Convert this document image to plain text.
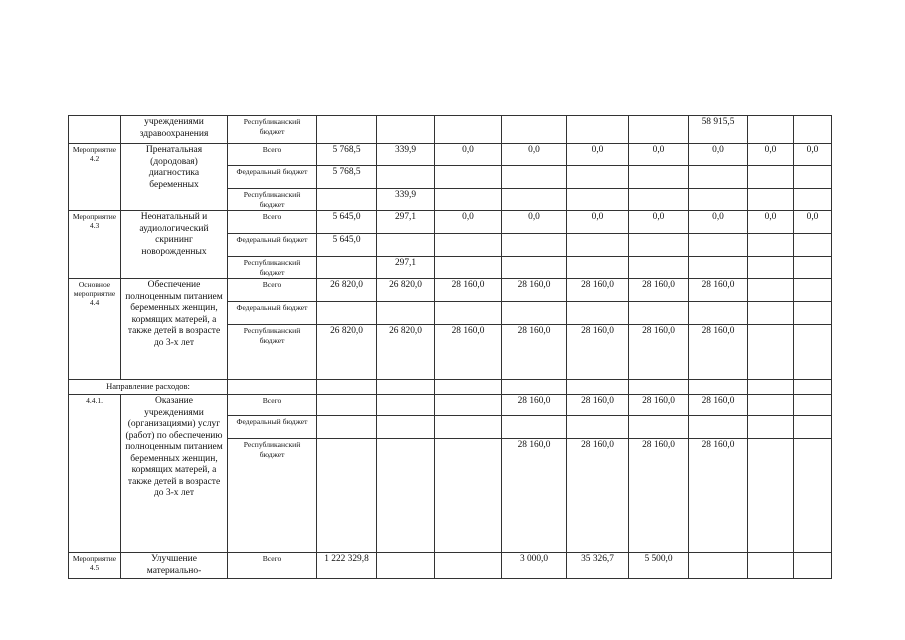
	учреждениями здравоохранения	Республиканский бюджет							58 915,5		
Мероприятие 4.2	Пренатальная (дородовая) диагностика беременных	Всего	5 768,5	339,9	0,0	0,0	0,0	0,0	0,0	0,0	0,0
		Федеральный бюджет	5 768,5								
		Республиканский бюджет		339,9							
Мероприятие 4.3	Неонатальный и аудиологический скрининг новорожденных	Всего	5 645,0	297,1	0,0	0,0	0,0	0,0	0,0	0,0	0,0
		Федеральный бюджет	5 645,0								
		Республиканский бюджет		297,1							
Основное мероприятие 4.4	Обеспечение полноценным питанием беременных женщин, кормящих матерей, а также детей в возрасте до 3-х лет	Всего	26 820,0	26 820,0	28 160,0	28 160,0	28 160,0	28 160,0	28 160,0		
		Федеральный бюджет									
		Республиканский бюджет	26 820,0	26 820,0	28 160,0	28 160,0	28 160,0	28 160,0	28 160,0		
Направление расходов:											
4.4.1.	Оказание учреждениями (организациями) услуг (работ) по обеспечению полноценным питанием беременных женщин, кормящих матерей, а также детей в возрасте до 3-х лет	Всего				28 160,0	28 160,0	28 160,0	28 160,0		
		Федеральный бюджет									
		Республиканский бюджет				28 160,0	28 160,0	28 160,0	28 160,0		
Мероприятие 4.5	Улучшение материально-	Всего	1 222 329,8			3 000,0	35 326,7	5 500,0			
